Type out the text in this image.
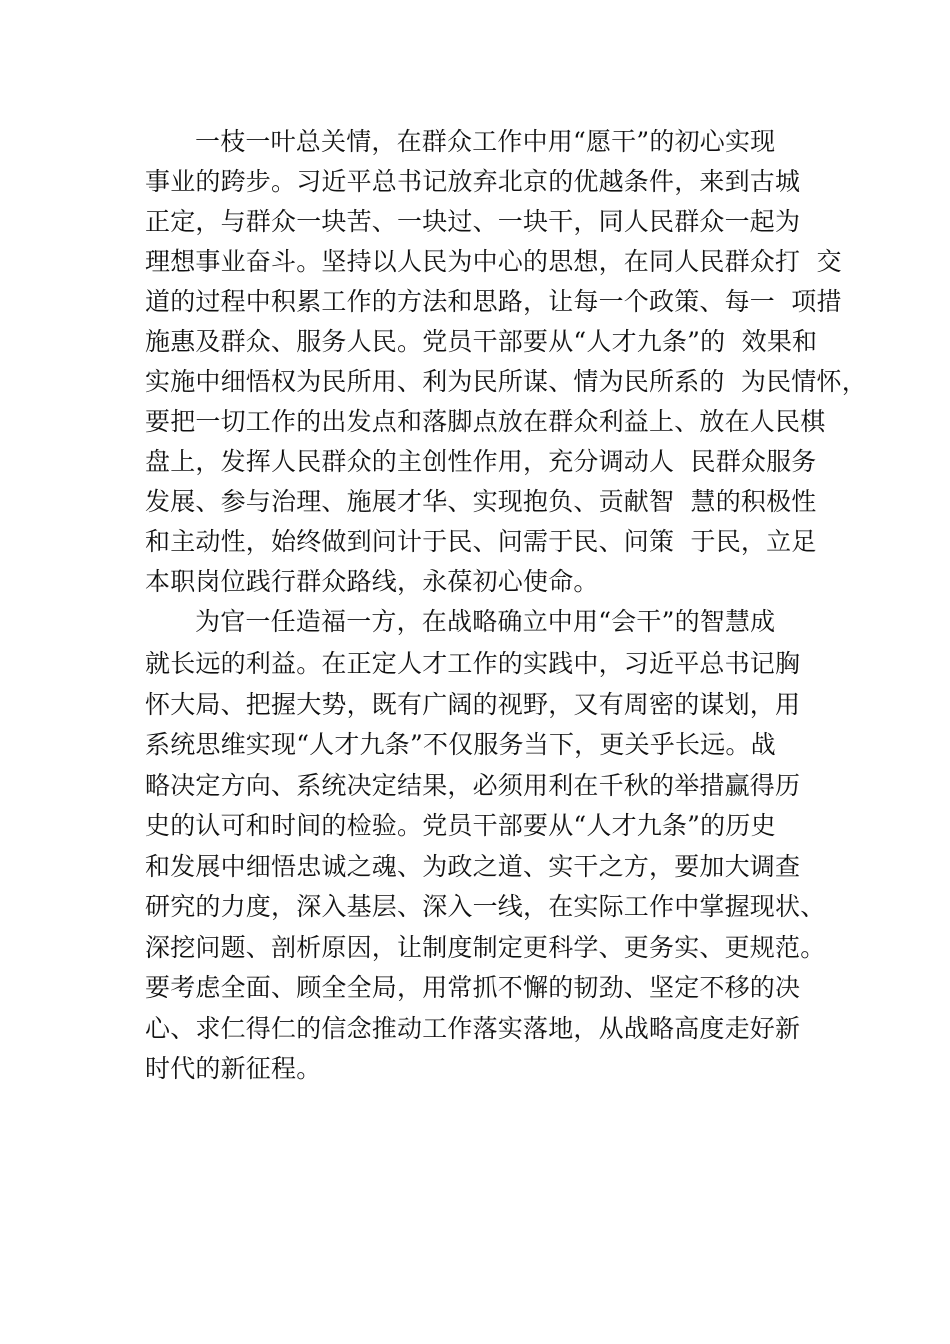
一枝一叶总关情，在群众工作中用“愿干”的初心实现
事业的跨步。习近平总书记放弃北京的优越条件，来到古城
正定，与群众一块苦、一块过、一块干，同人民群众一起为
理想事业奋斗。坚持以人民为中心的思想，在同人民群众打  交
道的过程中积累工作的方法和思路，让每一个政策、每一  项措
施惠及群众、服务人民。党员干部要从“人才九条”的  效果和
实施中细悟权为民所用、利为民所谋、情为民所系的  为民情怀，
要把一切工作的出发点和落脚点放在群众利益上、放在人民棋
盘上，发挥人民群众的主创性作用，充分调动人  民群众服务
发展、参与治理、施展才华、实现抱负、贡献智  慧的积极性
和主动性，始终做到问计于民、问需于民、问策  于民，立足
本职岗位践行群众路线，永葆初心使命。
为官一任造福一方，在战略确立中用“会干”的智慧成
就长远的利益。在正定人才工作的实践中，习近平总书记胸
怀大局、把握大势，既有广阔的视野，又有周密的谋划，用
系统思维实现“人才九条”不仅服务当下，更关乎长远。战
略决定方向、系统决定结果，必须用利在千秋的举措赢得历
史的认可和时间的检验。党员干部要从“人才九条”的历史
和发展中细悟忠诚之魂、为政之道、实干之方，要加大调查
研究的力度，深入基层、深入一线，在实际工作中掌握现状、
深挖问题、剖析原因，让制度制定更科学、更务实、更规范。
要考虑全面、顾全全局，用常抓不懈的韧劲、坚定不移的决
心、求仁得仁的信念推动工作落实落地，从战略高度走好新
时代的新征程。
